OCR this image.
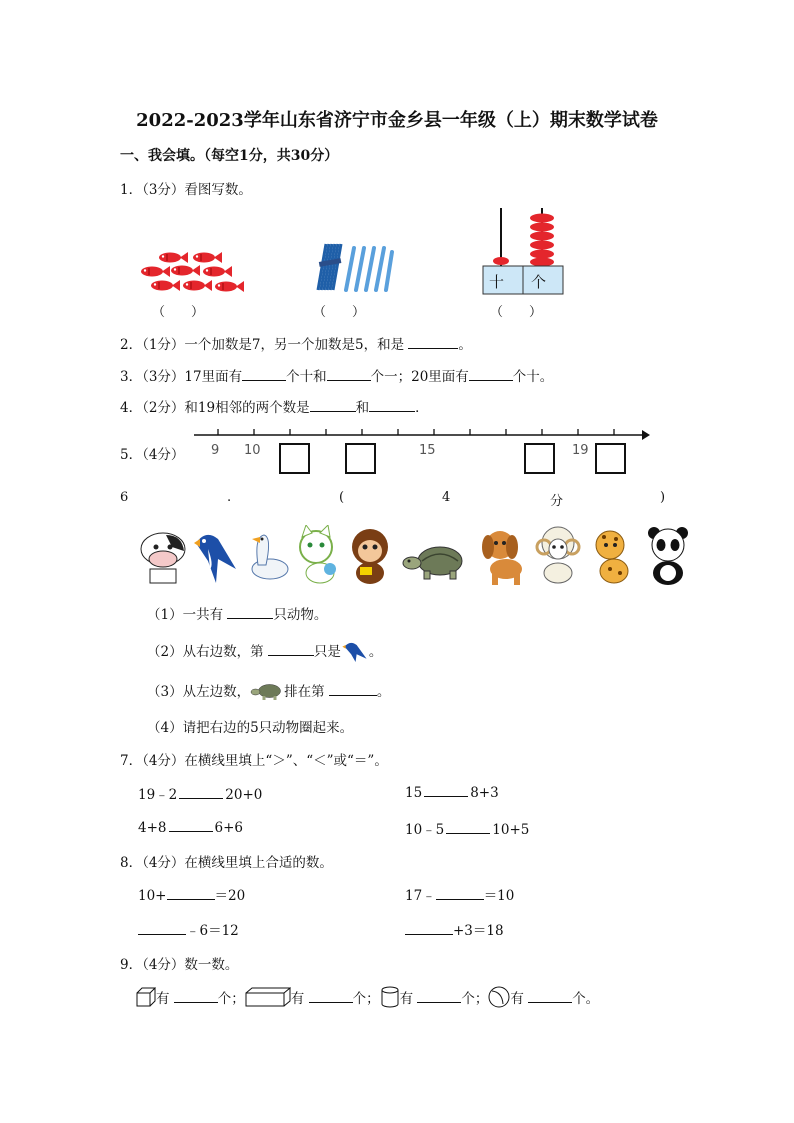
2022-2023学年山东省济宁市金乡县一年级（上）期末数学试卷
一、我会填。（每空1分，共30分）
1．（3分）看图写数。
（　　）	（　　）
十 个
（　　）
2．（1分）一个加数是7，另一个加数是5，和是	。
3．（3分）17里面有	个十和	个一；20里面有	个十。
4．（2分）和19相邻的两个数是	和	．
5．（4分） 9 10	15	19
6	.	(	4	分	)
（1）一共有	只动物。
（2）从右边数，第	只是 。
（3）从左边数，	排在第	。
（4）请把右边的5只动物圈起来。
7．（4分）在横线里填上“＞”、“＜”或“＝”。
19﹣2	20+0	15	8+3
4+8	6+6	10﹣5	10+5
8．（4分）在横线里填上合适的数。
10+	＝20	17﹣	＝10
﹣6＝12	+3＝18
9．（4分）数一数。
有	个；	有	个； 有	个； 有	个。
